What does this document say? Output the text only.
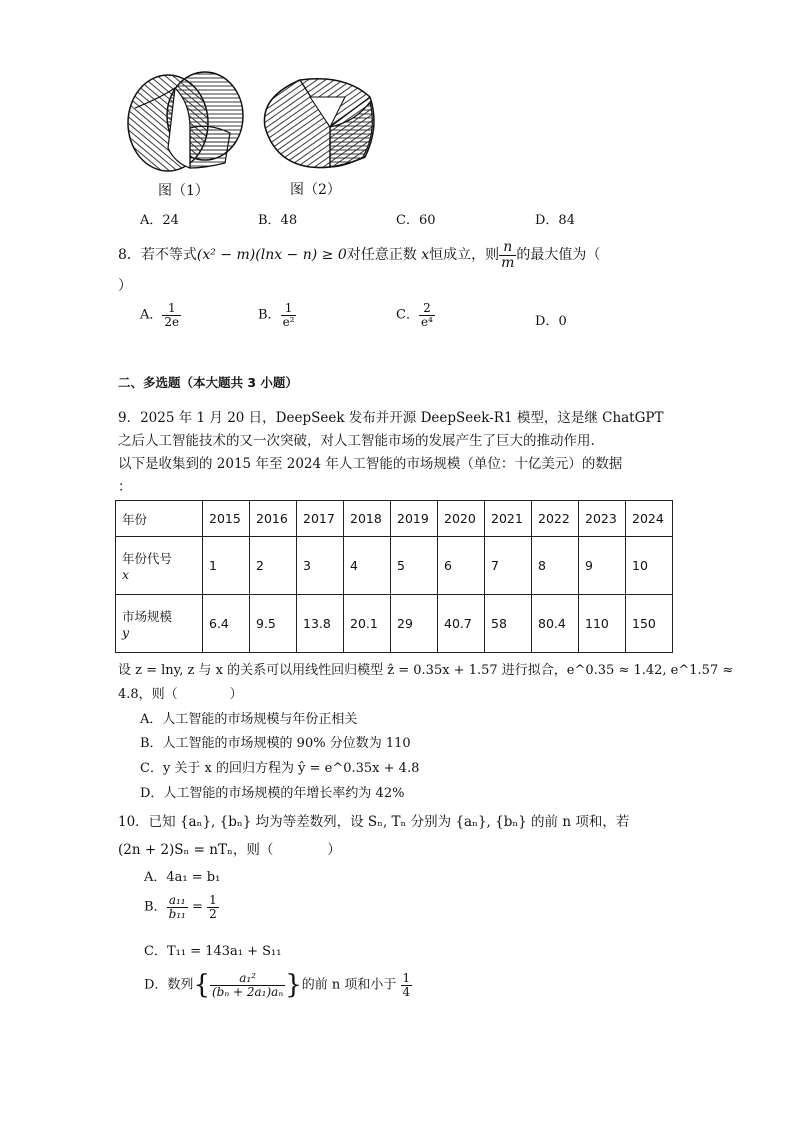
图（1）	图（2）
A．24	B．48	C．60	D．84
8．若不等式(x² − m)(lnx − n) ≥ 0对任意正数 x恒成立，则 $\frac{n}{m}$ 的最大值为（
）
A． $\frac{1}{2e}$	B． $\frac{1}{\text{e²}}$	C． $\frac{2}{\text{e⁴}}$	D．0
二、多选题（本大题共 3 小题）
9．2025 年 1 月 20 日，DeepSeek 发布并开源 DeepSeek-R1 模型，这是继 ChatGPT
之后人工智能技术的又一次突破，对人工智能市场的发展产生了巨大的推动作用.
以下是收集到的 2015 年至 2024 年人工智能的市场规模（单位：十亿美元）的数据
：
年份	2015	2016	2017	2018	2019	2020	2021	2022	2023	2024
年份代号
x	1	2	3	4	5	6	7	8	9	10
市场规模
y	6.4	9.5	13.8	20.1	29	40.7	58	80.4	110	150
设 z = lny, z 与 x 的关系可以用线性回归模型 ẑ = 0.35x + 1.57 进行拟合，e^0.35 ≈ 1.42, e^1.57 ≈
4.8，则（　　　　）
A．人工智能的市场规模与年份正相关
B．人工智能的市场规模的 90% 分位数为 110
C．y 关于 x 的回归方程为 ŷ = e^0.35x + 4.8
D．人工智能的市场规模的年增长率约为 42%
10．已知 {aₙ}, {bₙ} 均为等差数列，设 Sₙ, Tₙ 分别为 {aₙ}, {bₙ} 的前 n 项和，若
(2n + 2)Sₙ = nTₙ，则（　　　　）
A．4a₁ = b₁
B． $\frac{\text{a₁₁}}{\text{b₁₁}} = \frac{1}{2}$
C．T₁₁ = 143a₁ + S₁₁
D．数列{ $\frac{\text{a₁²}}{\text{(bₙ + 2a₁)aₙ}}$ }的前 n 项和小于 $\frac{1}{4}$
